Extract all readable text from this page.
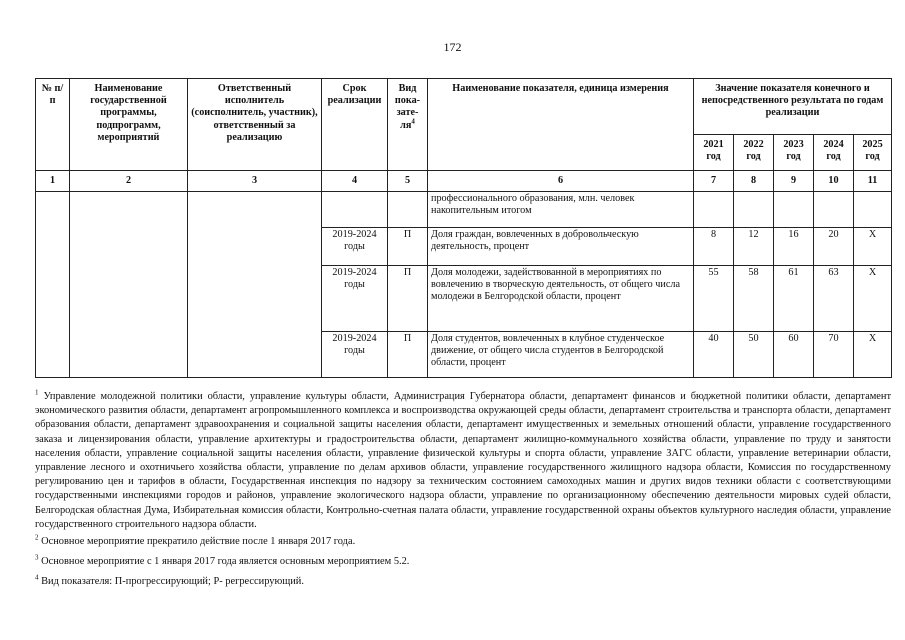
172
№ п/п	Наименование государственной программы, подпрограмм, мероприятий	Ответственный исполнитель (соисполнитель, участник), ответственный за реализацию	Срок реализации	Вид пока-зате-ля$^4$	Наименование показателя, единица измерения	Значение показателя конечного и непосредственного результата по годам реализации				
						2021 год	2022 год	2023 год	2024 год	2025 год
1	2	3	4	5	6	7	8	9	10	11
					профессионального образования, млн. человек накопительным итогом					
			2019-2024 годы	П	Доля граждан, вовлеченных в добровольческую деятельность, процент	8	12	16	20	X
			2019-2024 годы	П	Доля молодежи, задействованной в мероприятиях по вовлечению в творческую деятельность, от общего числа молодежи в Белгородской области, процент	55	58	61	63	X
			2019-2024 годы	П	Доля студентов, вовлеченных в клубное студенческое движение, от общего числа студентов в Белгородской области, процент	40	50	60	70	X

$^1$ Управление молодежной политики области, управление культуры области, Администрация Губернатора области, департамент финансов и бюджетной политики области, департамент экономического развития области, департамент агропромышленного комплекса и воспроизводства окружающей среды области, департамент строительства и транспорта области, департамент образования области, департамент здравоохранения и социальной защиты населения области, департамент имущественных и земельных отношений области, управление государственного заказа и лицензирования области, управление архитектуры и градостроительства области, департамент жилищно-коммунального хозяйства области, управление по труду и занятости населения области, управление социальной защиты населения области, управление физической культуры и спорта области, управление ЗАГС области, управление ветеринарии области, управление лесного и охотничьего хозяйства области, управление по делам архивов области, управление государственного жилищного надзора области, Комиссия по государственному регулированию цен и тарифов в области, Государственная инспекция по надзору за техническим состоянием самоходных машин и других видов техники области с соответствующими государственными инспекциями городов и районов, управление экологического надзора области, управление по организационному обеспечению деятельности мировых судей области, Белгородская областная Дума, Избирательная комиссия области, Контрольно-счетная палата области, управление государственной охраны объектов культурного наследия области, управление государственного строительного надзора области.

$^2$ Основное мероприятие прекратило действие после 1 января 2017 года.

$^3$ Основное мероприятие с 1 января 2017 года является основным мероприятием 5.2.

$^4$ Вид показателя: П-прогрессирующий; Р- регрессирующий.
